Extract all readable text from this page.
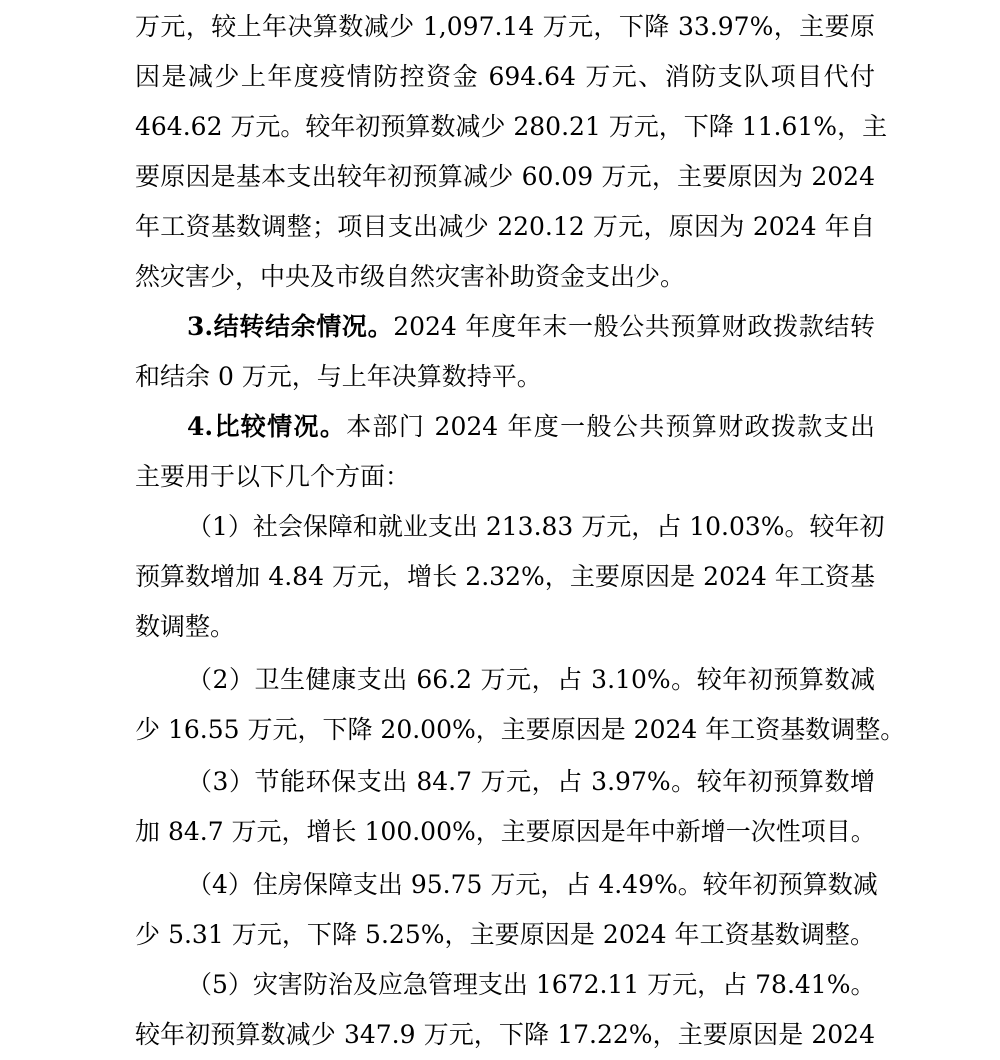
万元，较上年决算数减少 1,097.14 万元，下降 33.97%，主要原
因是减少上年度疫情防控资金 694.64 万元、消防支队项目代付
464.62 万元。较年初预算数减少 280.21 万元，下降 11.61%，主
要原因是基本支出较年初预算减少 60.09 万元，主要原因为 2024
年工资基数调整；项目支出减少 220.12 万元，原因为 2024 年自
然灾害少，中央及市级自然灾害补助资金支出少。
3.结转结余情况。2024 年度年末一般公共预算财政拨款结转
和结余 0 万元，与上年决算数持平。
4.比较情况。本部门 2024 年度一般公共预算财政拨款支出
主要用于以下几个方面：
（1）社会保障和就业支出 213.83 万元，占 10.03%。较年初
预算数增加 4.84 万元，增长 2.32%，主要原因是 2024 年工资基
数调整。
（2）卫生健康支出 66.2 万元，占 3.10%。较年初预算数减
少 16.55 万元，下降 20.00%，主要原因是 2024 年工资基数调整。
（3）节能环保支出 84.7 万元，占 3.97%。较年初预算数增
加 84.7 万元，增长 100.00%，主要原因是年中新增一次性项目。
（4）住房保障支出 95.75 万元，占 4.49%。较年初预算数减
少 5.31 万元，下降 5.25%，主要原因是 2024 年工资基数调整。
（5）灾害防治及应急管理支出 1672.11 万元，占 78.41%。
较年初预算数减少 347.9 万元，下降 17.22%，主要原因是 2024
